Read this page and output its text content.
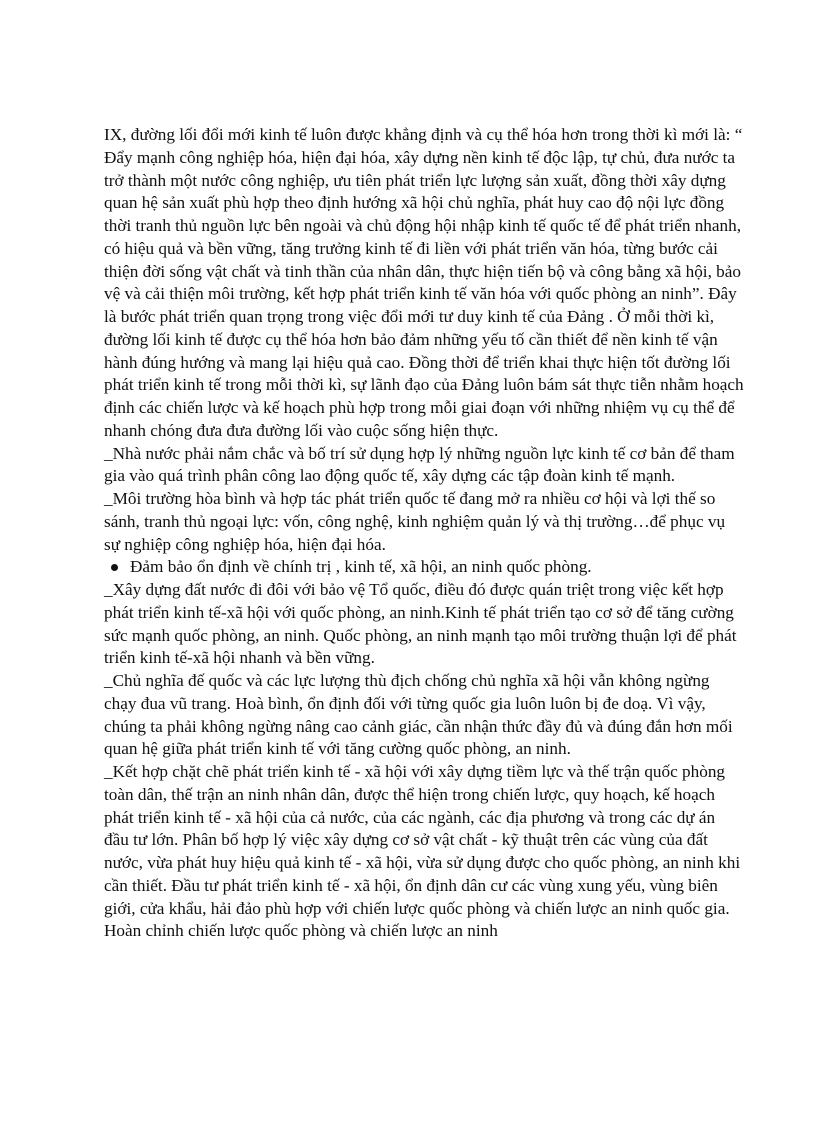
IX, đường lối đổi mới kinh tế luôn được khẳng định và cụ thể hóa hơn trong thời kì mới là: “ Đẩy mạnh công nghiệp hóa, hiện đại hóa, xây dựng nền kinh tế độc lập, tự chủ, đưa nước ta trở thành một nước công nghiệp, ưu tiên phát triển lực lượng sản xuất, đồng thời xây dựng quan hệ sản xuất phù hợp theo định hướng xã hội chủ nghĩa, phát huy cao độ nội lực đồng thời tranh thủ nguồn lực bên ngoài và chủ động hội nhập kinh tế quốc tế để phát triển nhanh, có hiệu quả và bền vững, tăng trưởng kinh tế đi liền với phát triển văn hóa, từng bước cải thiện đời sống vật chất và tinh thần của nhân dân, thực hiện tiến bộ và công bằng xã hội, bảo vệ và cải thiện môi trường, kết hợp phát triển kinh tế văn hóa với quốc phòng an ninh”. Đây là bước phát triển quan trọng trong việc đổi mới tư duy kinh tế của Đảng . Ở mỗi thời kì, đường lối kinh tế được cụ thể hóa hơn bảo đảm những yếu tố cần thiết để nền kinh tế vận hành đúng hướng và mang lại hiệu quả cao. Đồng thời để triển khai thực hiện tốt đường lối phát triển kinh tế trong mỗi thời kì, sự lãnh đạo của Đảng luôn bám sát thực tiễn nhằm hoạch định các chiến lược và kế hoạch phù hợp trong mỗi giai đoạn với những nhiệm vụ cụ thể để nhanh chóng đưa đưa đường lối vào cuộc sống hiện thực.

_Nhà nước phải nắm chắc và bố trí sử dụng hợp lý những nguồn lực kinh tế cơ bản để tham gia vào quá trình phân công lao động quốc tế, xây dựng các tập đoàn kinh tế mạnh.

_Môi trường hòa bình và hợp tác phát triển quốc tế đang mở ra nhiều cơ hội và lợi thế so sánh, tranh thủ ngoại lực: vốn, công nghệ, kinh nghiệm quản lý và thị trường…để phục vụ sự nghiệp công nghiệp hóa, hiện đại hóa.

Đảm bảo ổn định về chính trị , kinh tế, xã hội, an ninh quốc phòng.

_Xây dựng đất nước đi đôi với bảo vệ Tổ quốc, điều đó được quán triệt trong việc kết hợp phát triển kinh tế-xã hội với quốc phòng, an ninh.Kinh tế phát triển tạo cơ sở để tăng cường sức mạnh quốc phòng, an ninh. Quốc phòng, an ninh mạnh tạo môi trường thuận lợi để phát triển kinh tế-xã hội nhanh và bền vững.

_Chủ nghĩa đế quốc và các lực lượng thù địch chống chủ nghĩa xã hội vẫn không ngừng chạy đua vũ trang. Hoà bình, ổn định đối với từng quốc gia luôn luôn bị đe doạ. Vì vậy, chúng ta phải không ngừng nâng cao cảnh giác, cần nhận thức đầy đủ và đúng đắn hơn mối quan hệ giữa phát triển kinh tế với tăng cường quốc phòng, an ninh.

_Kết hợp chặt chẽ phát triển kinh tế - xã hội với xây dựng tiềm lực và thế trận quốc phòng toàn dân, thế trận an ninh nhân dân, được thể hiện trong chiến lược, quy hoạch, kế hoạch phát triển kinh tế - xã hội của cả nước, của các ngành, các địa phương và trong các dự án đầu tư lớn. Phân bố hợp lý việc xây dựng cơ sở vật chất - kỹ thuật trên các vùng của đất nước, vừa phát huy hiệu quả kinh tế - xã hội, vừa sử dụng được cho quốc phòng, an ninh khi cần thiết. Đầu tư phát triển kinh tế - xã hội, ổn định dân cư các vùng xung yếu, vùng biên giới, cửa khẩu, hải đảo phù hợp với chiến lược quốc phòng và chiến lược an ninh quốc gia. Hoàn chỉnh chiến lược quốc phòng và chiến lược an ninh
